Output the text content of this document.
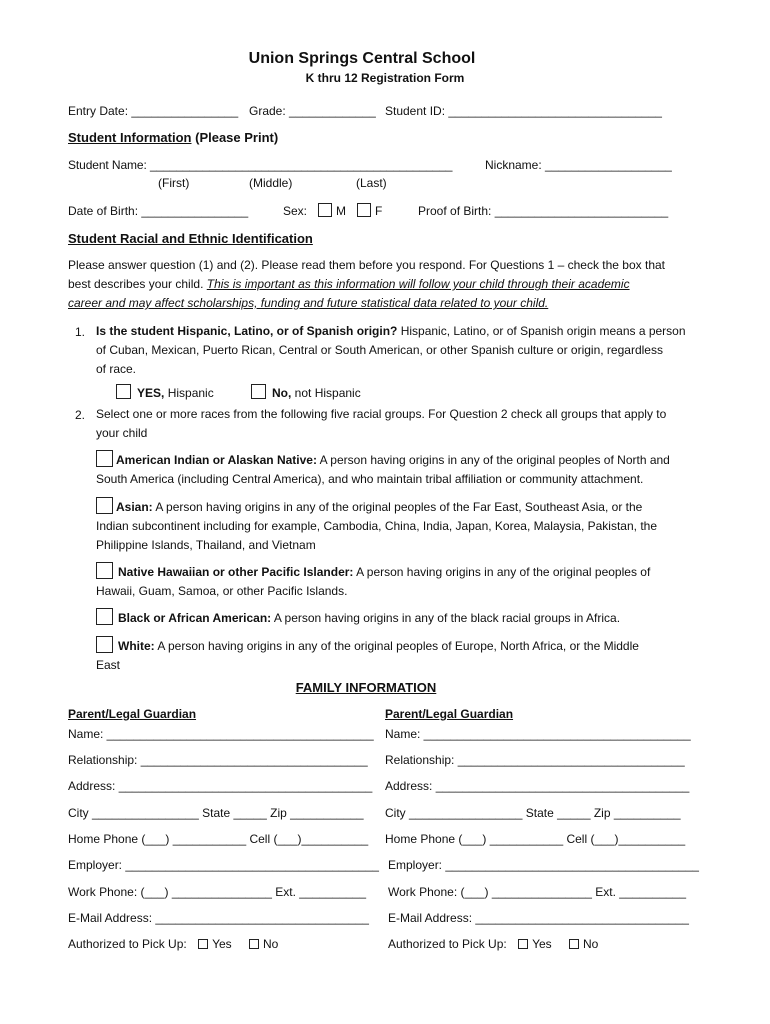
Union Springs Central School
K thru 12 Registration Form
Entry Date: ________________ Grade: _____________ Student ID: ________________________________
Student Information (Please Print)
Student Name: ______________________________________________	Nickname: ___________________
(First)	(Middle)	(Last)
Date of Birth: ________________	Sex:	M	F	Proof of Birth: __________________________
Student Racial and Ethnic Identification
Please answer question (1) and (2). Please read them before you respond. For Questions 1 – check the box that
best describes your child. This is important as this information will follow your child through their academic
career and may affect scholarships, funding and future statistical data related to your child.
1. Is the student Hispanic, Latino, or of Spanish origin? Hispanic, Latino, or of Spanish origin means a person
of Cuban, Mexican, Puerto Rican, Central or South American, or other Spanish culture or origin, regardless
of race.
YES, Hispanic	No, not Hispanic
2. Select one or more races from the following five racial groups. For Question 2 check all groups that apply to
your child
American Indian or Alaskan Native: A person having origins in any of the original peoples of North and
South America (including Central America), and who maintain tribal affiliation or community attachment.
Asian: A person having origins in any of the original peoples of the Far East, Southeast Asia, or the
Indian subcontinent including for example, Cambodia, China, India, Japan, Korea, Malaysia, Pakistan, the
Philippine Islands, Thailand, and Vietnam
Native Hawaiian or other Pacific Islander: A person having origins in any of the original peoples of
Hawaii, Guam, Samoa, or other Pacific Islands.
Black or African American: A person having origins in any of the black racial groups in Africa.
White: A person having origins in any of the original peoples of Europe, North Africa, or the Middle
East
FAMILY INFORMATION
Parent/Legal Guardian
Name: ________________________________________
Relationship: __________________________________
Address: ______________________________________
City ________________ State _____ Zip ___________
Home Phone (___) ___________ Cell (___)__________
Employer: ______________________________________
Work Phone: (___) _______________ Ext. __________
E-Mail Address: ________________________________
Authorized to Pick Up: Yes	No
Parent/Legal Guardian
Name: ________________________________________
Relationship: __________________________________
Address: ______________________________________
City _________________ State _____ Zip __________
Home Phone (___) ___________ Cell (___)__________
Employer: ______________________________________
Work Phone: (___) _______________ Ext. __________
E-Mail Address: ________________________________
Authorized to Pick Up: Yes	No
